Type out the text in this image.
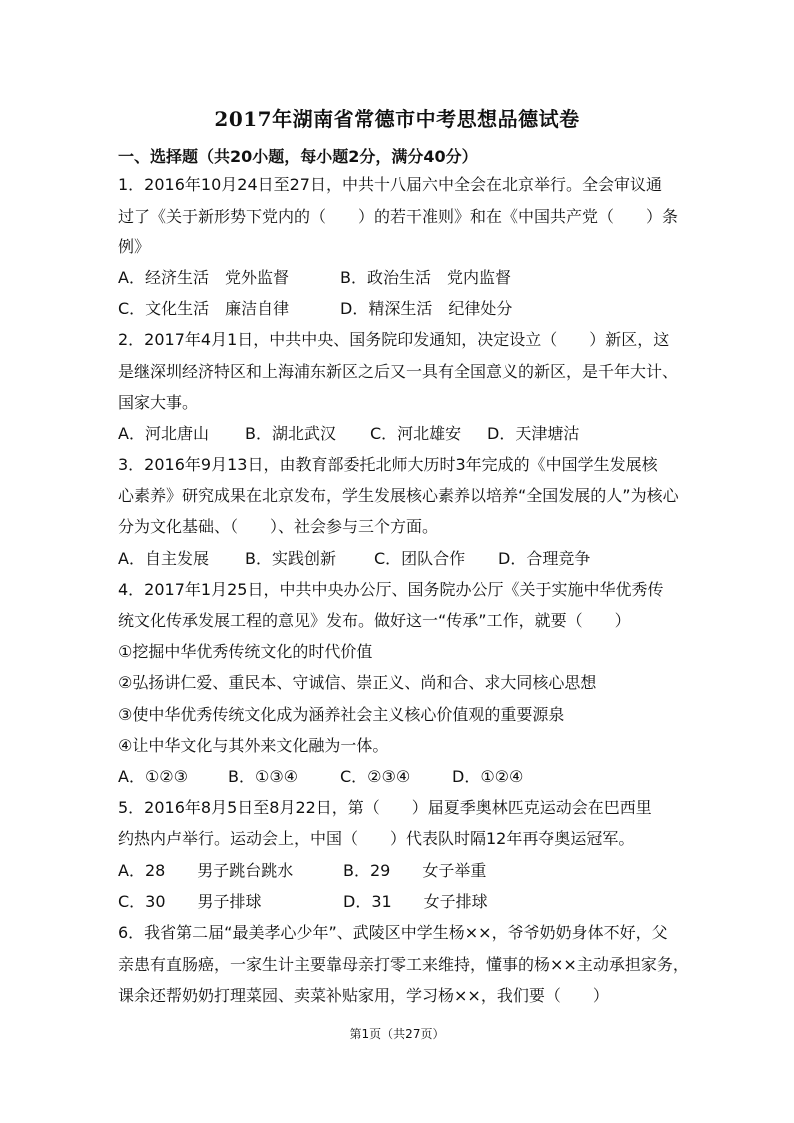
2017年湖南省常德市中考思想品德试卷
一、选择题（共20小题，每小题2分，满分40分）
1．2016年10月24日至27日，中共十八届六中全会在北京举行。全会审议通
过了《关于新形势下党内的（　　）的若干准则》和在《中国共产党（　　）条
例》
A．经济生活　党外监督	B．政治生活　党内监督
C．文化生活　廉洁自律	D．精深生活　纪律处分
2．2017年4月1日，中共中央、国务院印发通知，决定设立（　　）新区，这
是继深圳经济特区和上海浦东新区之后又一具有全国意义的新区，是千年大计、
国家大事。
A．河北唐山 B．湖北武汉 C．河北雄安 D．天津塘沽
3．2016年9月13日，由教育部委托北师大历时3年完成的《中国学生发展核
心素养》研究成果在北京发布，学生发展核心素养以培养“全国发展的人”为核心
分为文化基础、（　　）、社会参与三个方面。
A．自主发展 B．实践创新 C．团队合作 D．合理竞争
4．2017年1月25日，中共中央办公厅、国务院办公厅《关于实施中华优秀传
统文化传承发展工程的意见》发布。做好这一“传承”工作，就要（　　）
①挖掘中华优秀传统文化的时代价值
②弘扬讲仁爱、重民本、守诚信、崇正义、尚和合、求大同核心思想
③使中华优秀传统文化成为涵养社会主义核心价值观的重要源泉
④让中华文化与其外来文化融为一体。
A．①②③	B．①③④	C．②③④	D．①②④
5．2016年8月5日至8月22日，第（　　）届夏季奥林匹克运动会在巴西里
约热内卢举行。运动会上，中国（　　）代表队时隔12年再夺奥运冠军。
A．28　　男子跳台跳水	B．29　　女子举重
C．30　　男子排球	D．31　　女子排球
6．我省第二届“最美孝心少年”、武陵区中学生杨××，爷爷奶奶身体不好，父
亲患有直肠癌，一家生计主要靠母亲打零工来维持，懂事的杨××主动承担家务，
课余还帮奶奶打理菜园、卖菜补贴家用，学习杨××，我们要（　　）
第1页（共27页）
